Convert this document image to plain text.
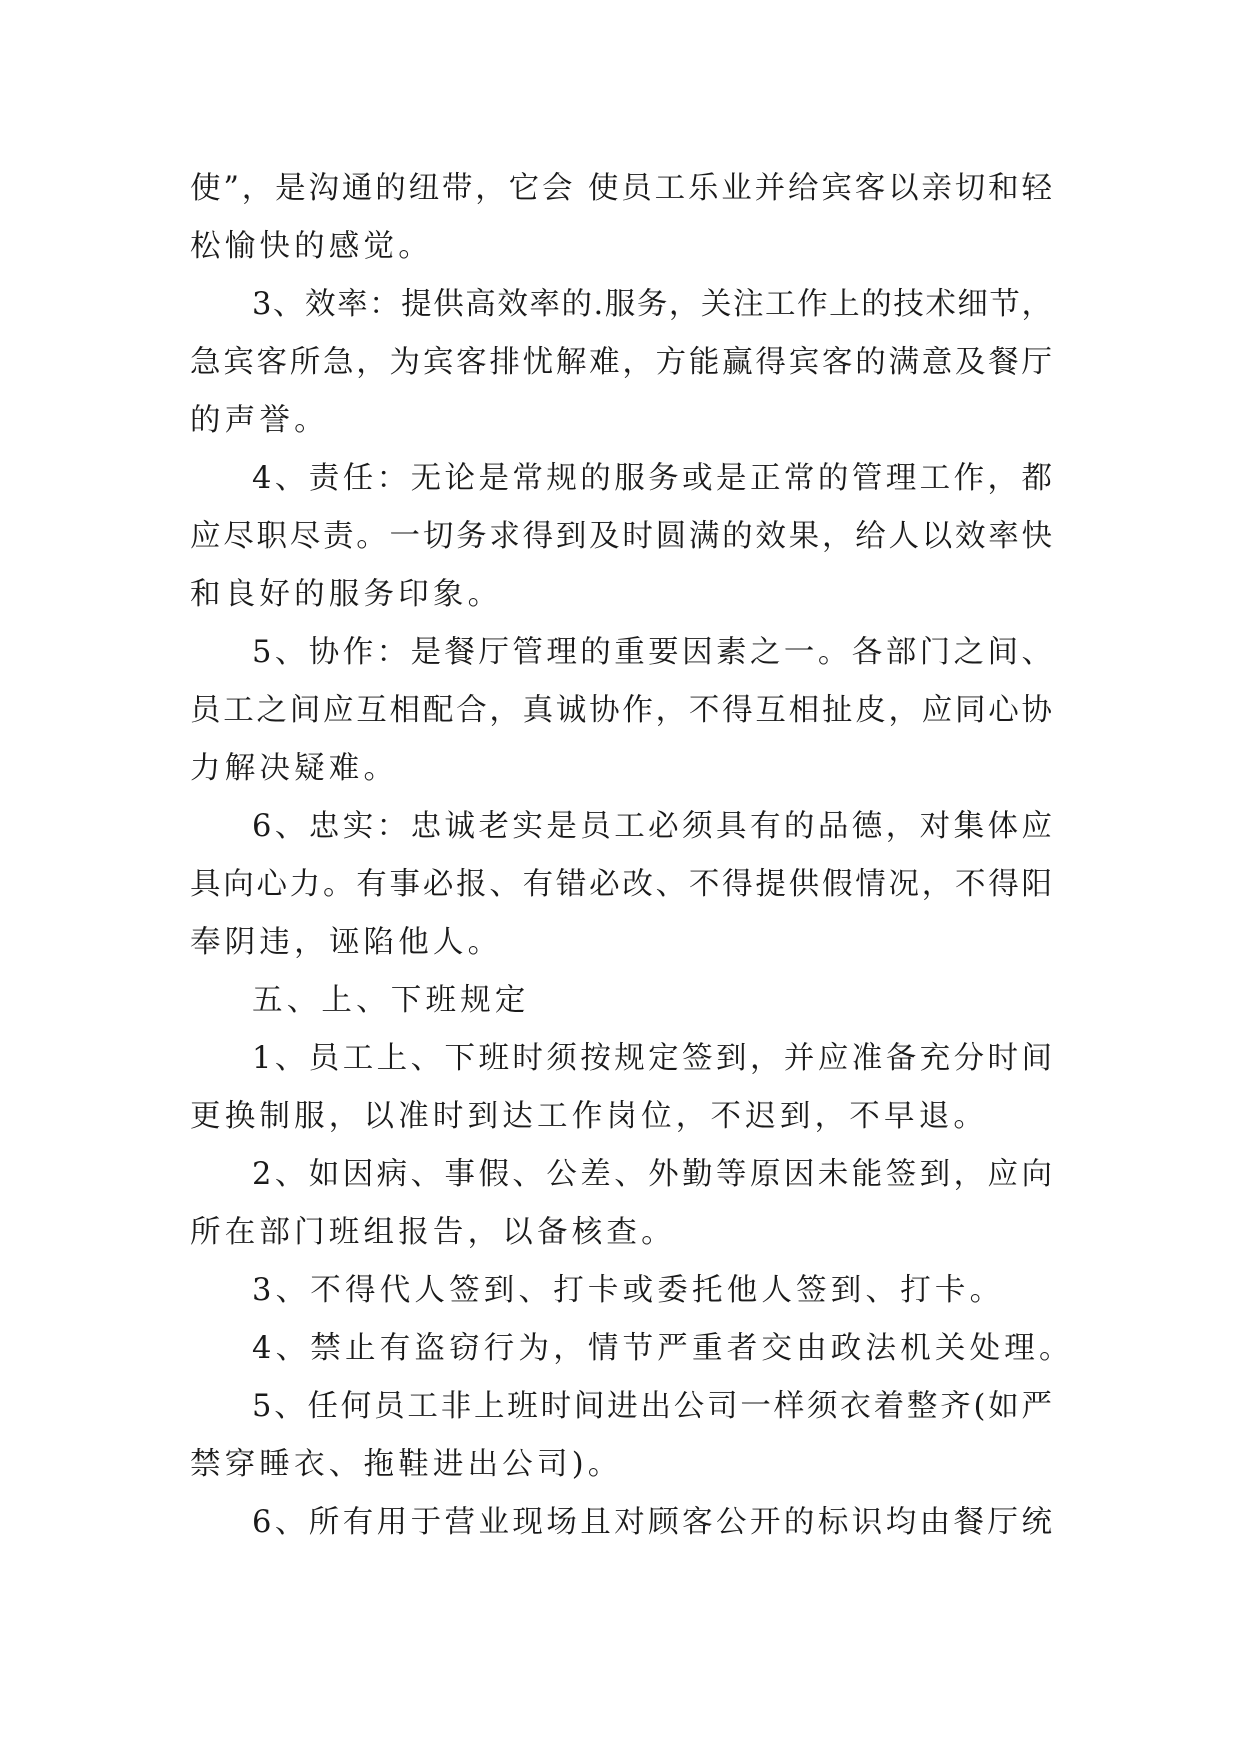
使”，是沟通的纽带，它会 使员工乐业并给宾客以亲切和轻
松愉快的感觉。
3、效率：提供高效率的.服务，关注工作上的技术细节，
急宾客所急，为宾客排忧解难，方能赢得宾客的满意及餐厅
的声誉。
4、责任：无论是常规的服务或是正常的管理工作，都
应尽职尽责。一切务求得到及时圆满的效果，给人以效率快
和良好的服务印象。
5、协作：是餐厅管理的重要因素之一。各部门之间、
员工之间应互相配合，真诚协作，不得互相扯皮，应同心协
力解决疑难。
6、忠实：忠诚老实是员工必须具有的品德，对集体应
具向心力。有事必报、有错必改、不得提供假情况，不得阳
奉阴违，诬陷他人。
五、上、下班规定
1、员工上、下班时须按规定签到，并应准备充分时间
更换制服，以准时到达工作岗位，不迟到，不早退。
2、如因病、事假、公差、外勤等原因未能签到，应向
所在部门班组报告，以备核查。
3、不得代人签到、打卡或委托他人签到、打卡。
4、禁止有盗窃行为，情节严重者交由政法机关处理。
5、任何员工非上班时间进出公司一样须衣着整齐(如严
禁穿睡衣、拖鞋进出公司)。
6、所有用于营业现场且对顾客公开的标识均由餐厅统
